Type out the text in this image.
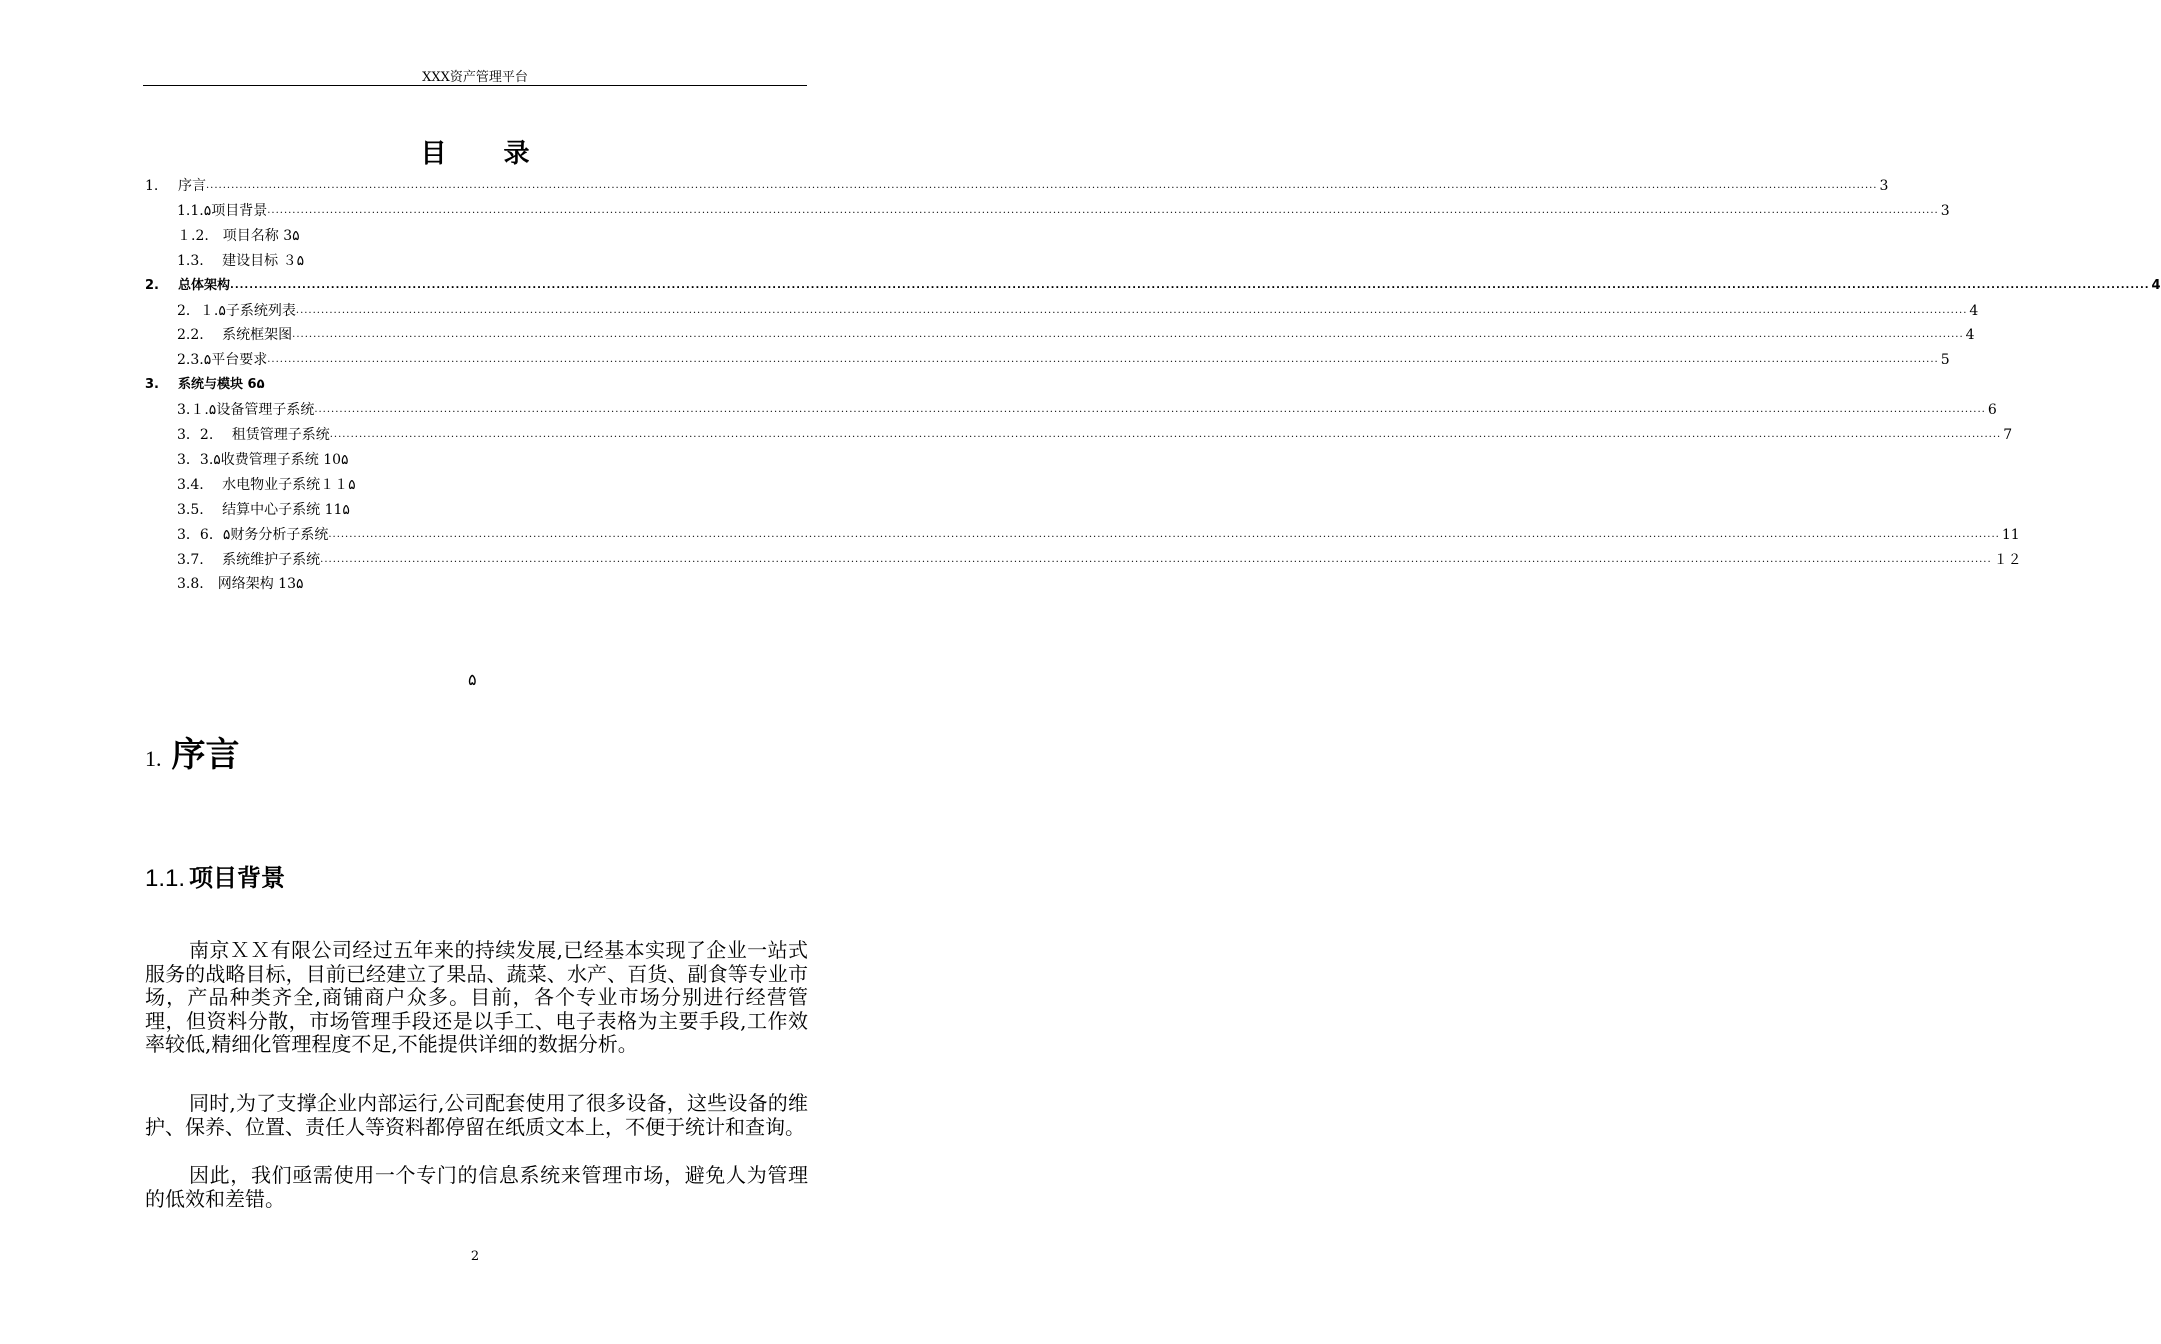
XXX资产管理平台
目 录
1. 序言 ................................................................................................................................................................................................................................................................................................................................................................................................................ 3
1.1.۵项目背景 ................................................................................................................................................................................................................................................................................................................................................................................................................ 3
１.2.　项目名称 3۵
1.3.　 建设目标 ３۵
2. 总体架构 ................................................................................................................................................................................................................................................................................................................................................................................................................ 4
2．１.۵子系统列表 ................................................................................................................................................................................................................................................................................................................................................................................................................ 4
2.2.　 系统框架图 ................................................................................................................................................................................................................................................................................................................................................................................................................ 4
2.3.۵平台要求 ................................................................................................................................................................................................................................................................................................................................................................................................................ 5
3. 系统与模块 6۵
3.１.۵设备管理子系统 ................................................................................................................................................................................................................................................................................................................................................................................................................ 6
3．2.　 租赁管理子系统 ................................................................................................................................................................................................................................................................................................................................................................................................................ 7
3．3.۵收费管理子系统 10۵
3.4.　 水电物业子系统１１۵
3.5.　 结算中心子系统 11۵
3．6．۵财务分析子系统 ................................................................................................................................................................................................................................................................................................................................................................................................................ 11
3.7.　 系统维护子系统 ................................................................................................................................................................................................................................................................................................................................................................................................................ １２
3.8.　网络架构 13۵
۵
1. 序言
1.1. 项目背景
南京ＸＸ有限公司经过五年来的持续发展,已经基本实现了企业一站式服务的战略目标，目前已经建立了果品、蔬菜、水产、百货、副食等专业市场，产品种类齐全,商铺商户众多。目前，各个专业市场分别进行经营管理，但资料分散，市场管理手段还是以手工、电子表格为主要手段,工作效率较低,精细化管理程度不足,不能提供详细的数据分析。
同时,为了支撑企业内部运行,公司配套使用了很多设备，这些设备的维护、保养、位置、责任人等资料都停留在纸质文本上，不便于统计和查询。
因此，我们亟需使用一个专门的信息系统来管理市场，避免人为管理的低效和差错。
2
